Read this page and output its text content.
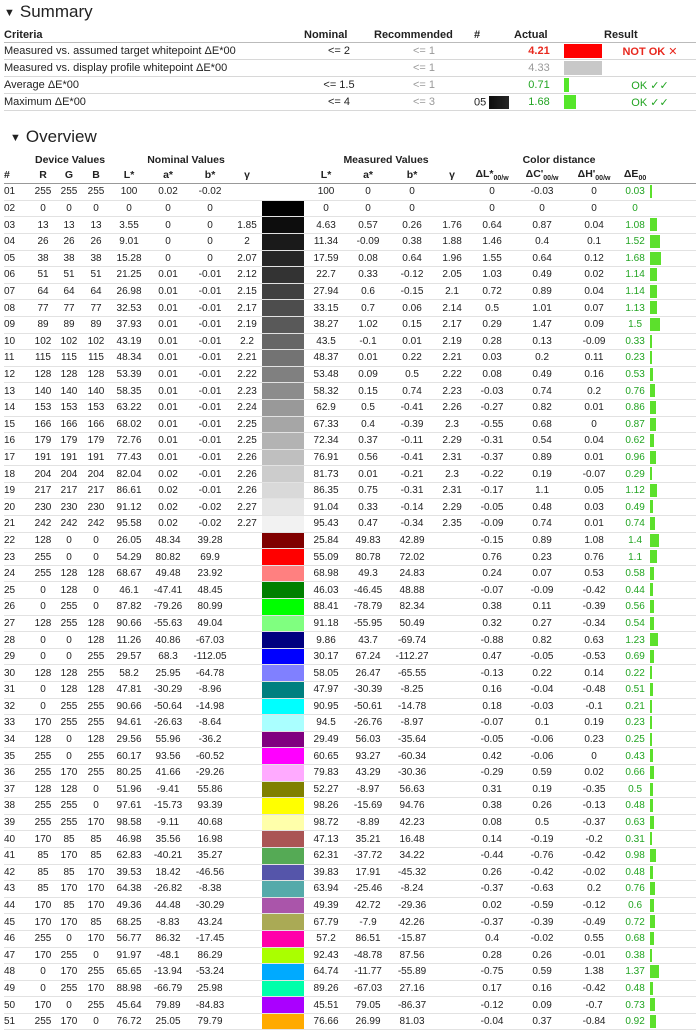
▼ Summary
Criteria	Nominal	Recommended	#	Actual		Result
Measured vs. assumed target whitepoint ΔE*00	<= 2	<= 1		4.21		NOT OK ✕
Measured vs. display profile whitepoint ΔE*00		<= 1		4.33		
Average ΔE*00	<= 1.5	<= 1		0.71		OK ✓✓
Maximum ΔE*00	<= 4	<= 3	05	1.68		OK ✓✓
▼ Overview
	Device Values			Nominal Values					Measured Values				Color distance				
#	R	G	B	L*	a*	b*	γ		L*	a*	b*	γ	$\Delta L*_{00/w}$	$\Delta C'_{00/w}$	$\Delta H'_{00/w}$	$\Delta E_{00}$	
01	255	255	255	100	0.02	-0.02			100	0	0		0	-0.03	0	0.03	

02	0	0	0	0	0	0			0	0	0		0	0	0	0	
03	13	13	13	3.55	0	0	1.85		4.63	0.57	0.26	1.76	0.64	0.87	0.04	1.08	

04	26	26	26	9.01	0	0	2		11.34	-0.09	0.38	1.88	1.46	0.4	0.1	1.52	

05	38	38	38	15.28	0	0	2.07		17.59	0.08	0.64	1.96	1.55	0.64	0.12	1.68	

06	51	51	51	21.25	0.01	-0.01	2.12		22.7	0.33	-0.12	2.05	1.03	0.49	0.02	1.14	

07	64	64	64	26.98	0.01	-0.01	2.15		27.94	0.6	-0.15	2.1	0.72	0.89	0.04	1.14	

08	77	77	77	32.53	0.01	-0.01	2.17		33.15	0.7	0.06	2.14	0.5	1.01	0.07	1.13	

09	89	89	89	37.93	0.01	-0.01	2.19		38.27	1.02	0.15	2.17	0.29	1.47	0.09	1.5	

10	102	102	102	43.19	0.01	-0.01	2.2		43.5	-0.1	0.01	2.19	0.28	0.13	-0.09	0.33	

11	115	115	115	48.34	0.01	-0.01	2.21		48.37	0.01	0.22	2.21	0.03	0.2	0.11	0.23	

12	128	128	128	53.39	0.01	-0.01	2.22		53.48	0.09	0.5	2.22	0.08	0.49	0.16	0.53	

13	140	140	140	58.35	0.01	-0.01	2.23		58.32	0.15	0.74	2.23	-0.03	0.74	0.2	0.76	

14	153	153	153	63.22	0.01	-0.01	2.24		62.9	0.5	-0.41	2.26	-0.27	0.82	0.01	0.86	

15	166	166	166	68.02	0.01	-0.01	2.25		67.33	0.4	-0.39	2.3	-0.55	0.68	0	0.87	

16	179	179	179	72.76	0.01	-0.01	2.25		72.34	0.37	-0.11	2.29	-0.31	0.54	0.04	0.62	

17	191	191	191	77.43	0.01	-0.01	2.26		76.91	0.56	-0.41	2.31	-0.37	0.89	0.01	0.96	

18	204	204	204	82.04	0.02	-0.01	2.26		81.73	0.01	-0.21	2.3	-0.22	0.19	-0.07	0.29	

19	217	217	217	86.61	0.02	-0.01	2.26		86.35	0.75	-0.31	2.31	-0.17	1.1	0.05	1.12	

20	230	230	230	91.12	0.02	-0.02	2.27		91.04	0.33	-0.14	2.29	-0.05	0.48	0.03	0.49	

21	242	242	242	95.58	0.02	-0.02	2.27		95.43	0.47	-0.34	2.35	-0.09	0.74	0.01	0.74	

22	128	0	0	26.05	48.34	39.28			25.84	49.83	42.89		-0.15	0.89	1.08	1.4	

23	255	0	0	54.29	80.82	69.9			55.09	80.78	72.02		0.76	0.23	0.76	1.1	

24	255	128	128	68.67	49.48	23.92			68.98	49.3	24.83		0.24	0.07	0.53	0.58	

25	0	128	0	46.1	-47.41	48.45			46.03	-46.45	48.88		-0.07	-0.09	-0.42	0.44	

26	0	255	0	87.82	-79.26	80.99			88.41	-78.79	82.34		0.38	0.11	-0.39	0.56	

27	128	255	128	90.66	-55.63	49.04			91.18	-55.95	50.49		0.32	0.27	-0.34	0.54	

28	0	0	128	11.26	40.86	-67.03			9.86	43.7	-69.74		-0.88	0.82	0.63	1.23	

29	0	0	255	29.57	68.3	-112.05			30.17	67.24	-112.27		0.47	-0.05	-0.53	0.69	

30	128	128	255	58.2	25.95	-64.78			58.05	26.47	-65.55		-0.13	0.22	0.14	0.22	

31	0	128	128	47.81	-30.29	-8.96			47.97	-30.39	-8.25		0.16	-0.04	-0.48	0.51	

32	0	255	255	90.66	-50.64	-14.98			90.95	-50.61	-14.78		0.18	-0.03	-0.1	0.21	

33	170	255	255	94.61	-26.63	-8.64			94.5	-26.76	-8.97		-0.07	0.1	0.19	0.23	

34	128	0	128	29.56	55.96	-36.2			29.49	56.03	-35.64		-0.05	-0.06	0.23	0.25	

35	255	0	255	60.17	93.56	-60.52			60.65	93.27	-60.34		0.42	-0.06	0	0.43	

36	255	170	255	80.25	41.66	-29.26			79.83	43.29	-30.36		-0.29	0.59	0.02	0.66	

37	128	128	0	51.96	-9.41	55.86			52.27	-8.97	56.63		0.31	0.19	-0.35	0.5	

38	255	255	0	97.61	-15.73	93.39			98.26	-15.69	94.76		0.38	0.26	-0.13	0.48	

39	255	255	170	98.58	-9.11	40.68			98.72	-8.89	42.23		0.08	0.5	-0.37	0.63	

40	170	85	85	46.98	35.56	16.98			47.13	35.21	16.48		0.14	-0.19	-0.2	0.31	

41	85	170	85	62.83	-40.21	35.27			62.31	-37.72	34.22		-0.44	-0.76	-0.42	0.98	

42	85	85	170	39.53	18.42	-46.56			39.83	17.91	-45.32		0.26	-0.42	-0.02	0.48	

43	85	170	170	64.38	-26.82	-8.38			63.94	-25.46	-8.24		-0.37	-0.63	0.2	0.76	

44	170	85	170	49.36	44.48	-30.29			49.39	42.72	-29.36		0.02	-0.59	-0.12	0.6	

45	170	170	85	68.25	-8.83	43.24			67.79	-7.9	42.26		-0.37	-0.39	-0.49	0.72	

46	255	0	170	56.77	86.32	-17.45			57.2	86.51	-15.87		0.4	-0.02	0.55	0.68	

47	170	255	0	91.97	-48.1	86.29			92.43	-48.78	87.56		0.28	0.26	-0.01	0.38	

48	0	170	255	65.65	-13.94	-53.24			64.74	-11.77	-55.89		-0.75	0.59	1.38	1.37	

49	0	255	170	88.98	-66.79	25.98			89.26	-67.03	27.16		0.17	0.16	-0.42	0.48	

50	170	0	255	45.64	79.89	-84.83			45.51	79.05	-86.37		-0.12	0.09	-0.7	0.73	

51	255	170	0	76.72	25.05	79.79			76.66	26.99	81.03		-0.04	0.37	-0.84	0.92	
